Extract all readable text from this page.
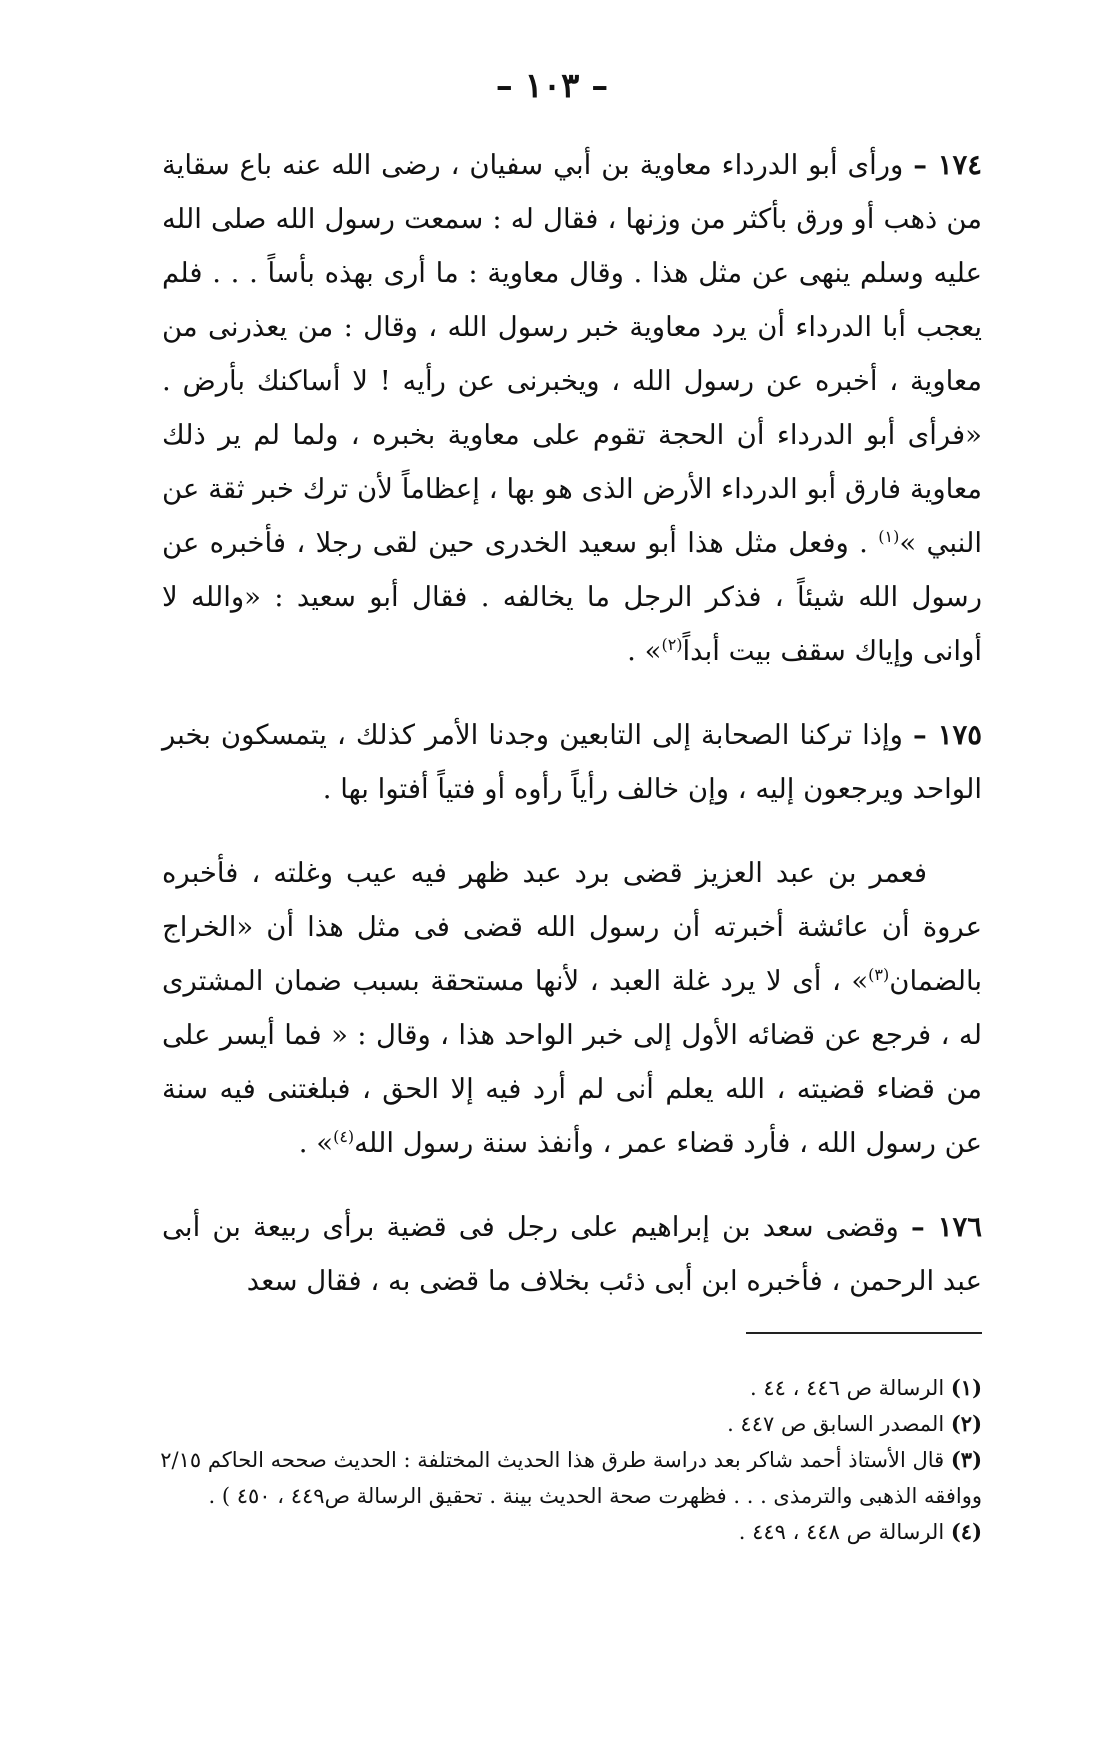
– ١٠٣ –

١٧٤ – ورأى أبو الدرداء معاوية بن أبي سفيان ، رضى الله عنه باع سقاية من ذهب أو ورق بأكثر من وزنها ، فقال له : سمعت رسول الله صلى الله عليه وسلم ينهى عن مثل هذا . وقال معاوية : ما أرى بهذه بأساً . . . فلم يعجب أبا الدرداء أن يرد معاوية خبر رسول الله ، وقال : من يعذرنى من معاوية ، أخبره عن رسول الله ، ويخبرنى عن رأيه ! لا أساكنك بأرض . «فرأى أبو الدرداء أن الحجة تقوم على معاوية بخبره ، ولما لم ير ذلك معاوية فارق أبو الدرداء الأرض الذى هو بها ، إعظاماً لأن ترك خبر ثقة عن النبي »$^{(١)}$ . وفعل مثل هذا أبو سعيد الخدرى حين لقى رجلا ، فأخبره عن رسول الله شيئاً ، فذكر الرجل ما يخالفه . فقال أبو سعيد : «والله لا أوانى وإياك سقف بيت أبداً$^{(٢)}$» .

١٧٥ – وإذا تركنا الصحابة إلى التابعين وجدنا الأمر كذلك ، يتمسكون بخبر الواحد ويرجعون إليه ، وإن خالف رأياً رأوه أو فتياً أفتوا بها .

  فعمر بن عبد العزيز قضى برد عبد ظهر فيه عيب وغلته ، فأخبره عروة أن عائشة أخبرته أن رسول الله قضى فى مثل هذا أن «الخراج بالضمان$^{(٣)}$» ، أى لا يرد غلة العبد ، لأنها مستحقة بسبب ضمان المشترى له ، فرجع عن قضائه الأول إلى خبر الواحد هذا ، وقال : « فما أيسر على من قضاء قضيته ، الله يعلم أنى لم أرد فيه إلا الحق ، فبلغتنى فيه سنة عن رسول الله ، فأرد قضاء عمر ، وأنفذ سنة رسول الله$^{(٤)}$» .

١٧٦ – وقضى سعد بن إبراهيم على رجل فى قضية برأى ربيعة بن أبى عبد الرحمن ، فأخبره ابن أبى ذئب بخلاف ما قضى به ، فقال سعد

(١) الرسالة ص ٤٤٦ ، ٤٤ .

(٢) المصدر السابق ص ٤٤٧ .

(٣) قال الأستاذ أحمد شاكر بعد دراسة طرق هذا الحديث المختلفة : الحديث صححه الحاكم ٢/١٥ ووافقه الذهبى والترمذى . . . فظهرت صحة الحديث بينة . تحقيق الرسالة ص٤٤٩ ، ٤٥٠ ) .

(٤) الرسالة ص ٤٤٨ ، ٤٤٩ .
